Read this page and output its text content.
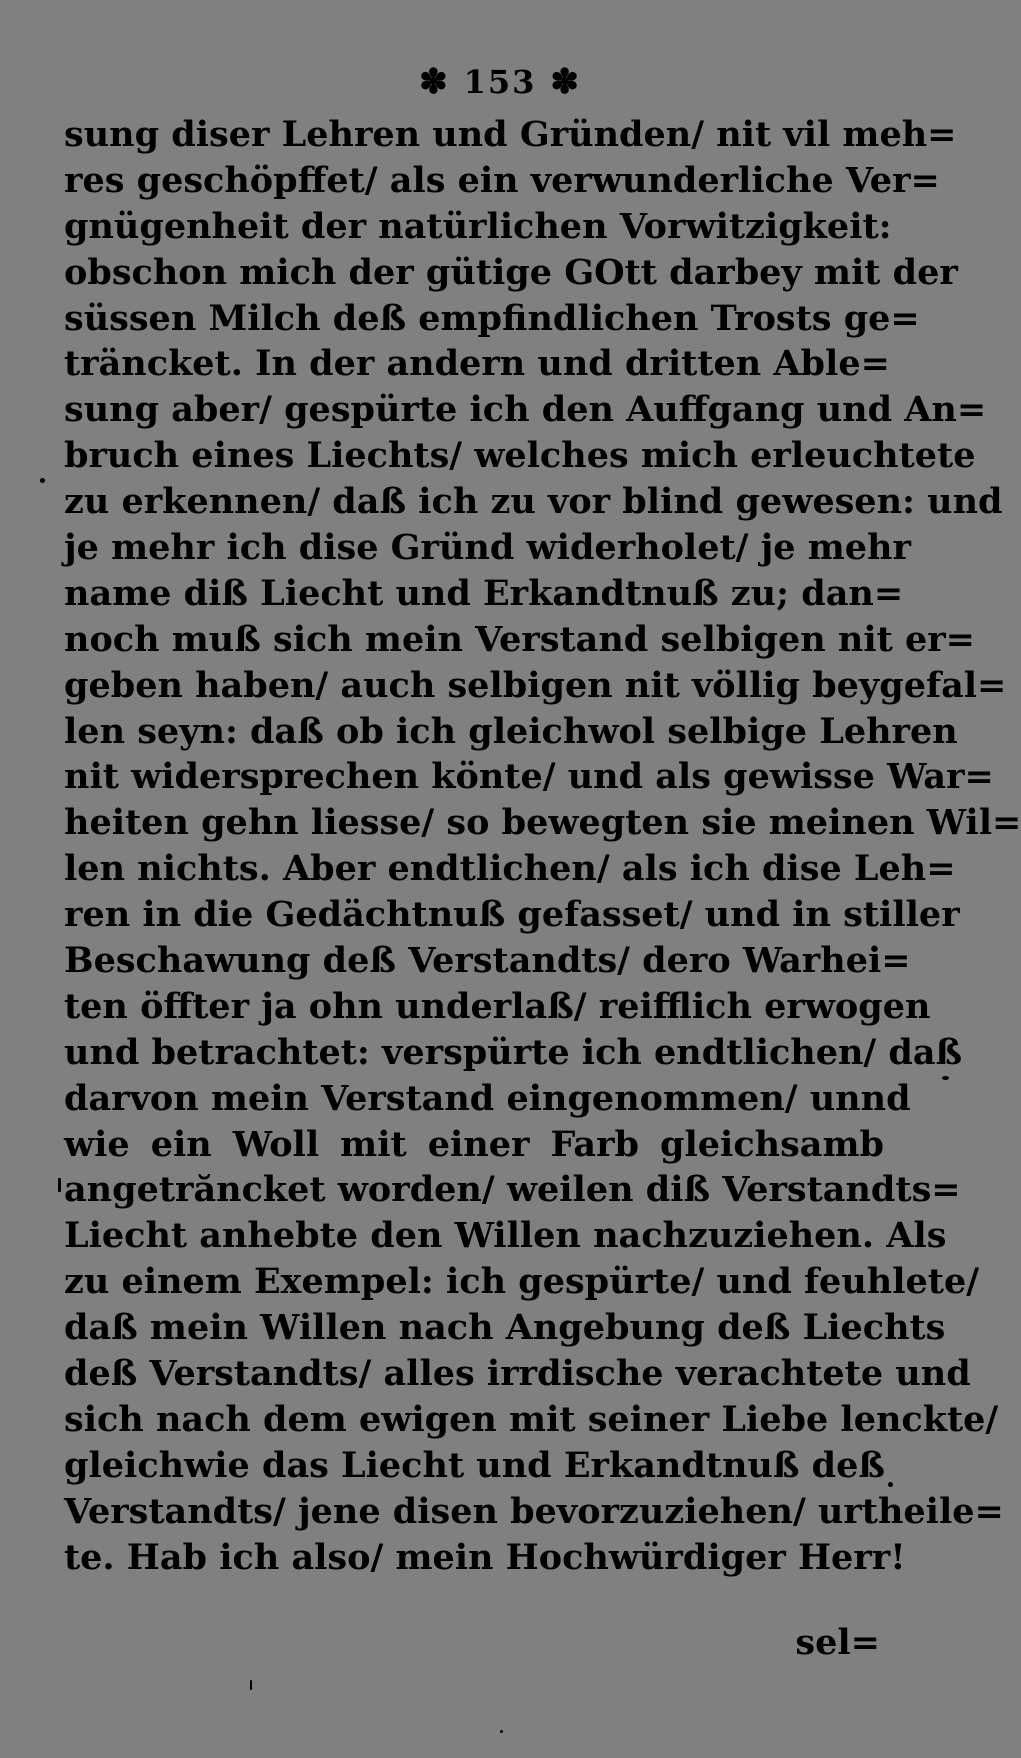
✽ 153 ✽
sung diser Lehren und Gründen/ nit vil meh=
res geschöpffet/ als ein verwunderliche Ver=
gnügenheit der natürlichen Vorwitzigkeit:
obschon mich der gütige GOtt darbey mit der
süssen Milch deß empfindlichen Trosts ge=
träncket. In der andern und dritten Able=
sung aber/ gespürte ich den Auffgang und An=
bruch eines Liechts/ welches mich erleuchtete
zu erkennen/ daß ich zu vor blind gewesen: und
je mehr ich dise Gründ widerholet/ je mehr
name diß Liecht und Erkandtnuß zu; dan=
noch muß sich mein Verstand selbigen nit er=
geben haben/ auch selbigen nit völlig beygefal=
len seyn: daß ob ich gleichwol selbige Lehren
nit widersprechen könte/ und als gewisse War=
heiten gehn liesse/ so bewegten sie meinen Wil=
len nichts. Aber endtlichen/ als ich dise Leh=
ren in die Gedächtnuß gefasset/ und in stiller
Beschawung deß Verstandts/ dero Warhei=
ten öffter ja ohn underlaß/ reifflich erwogen
und betrachtet: verspürte ich endtlichen/ daß
darvon mein Verstand eingenommen/ unnd
wie ein Woll mit einer Farb gleichsamb
angetrăncket worden/ weilen diß Verstandts=
Liecht anhebte den Willen nachzuziehen. Als
zu einem Exempel: ich gespürte/ und feuhlete/
daß mein Willen nach Angebung deß Liechts
deß Verstandts/ alles irrdische verachtete und
sich nach dem ewigen mit seiner Liebe lenckte/
gleichwie das Liecht und Erkandtnuß deß
Verstandts/ jene disen bevorzuziehen/ urtheile=
te. Hab ich also/ mein Hochwürdiger Herr!
sel=
